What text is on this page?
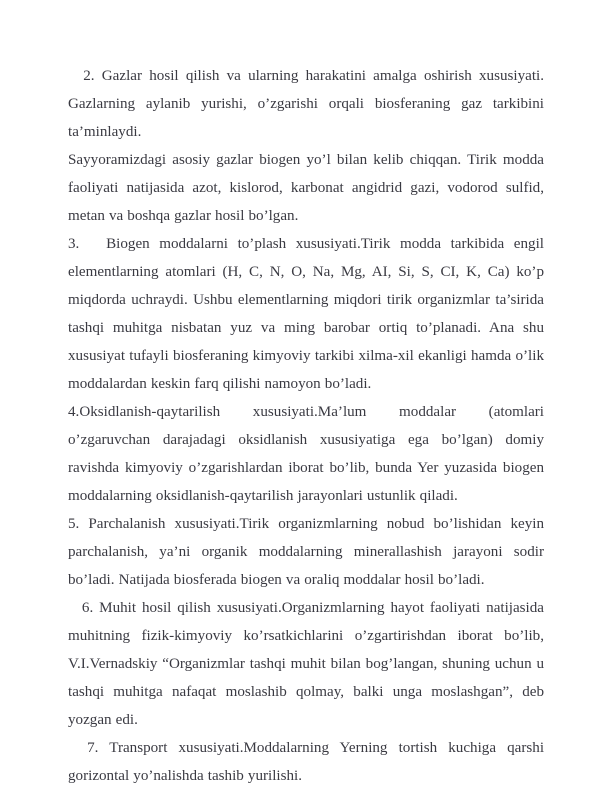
2. Gazlar hosil qilish va ularning harakatini amalga oshirish xususiyati. Gazlarning aylanib yurishi, o’zgarishi orqali biosferaning gaz tarkibini ta’minlaydi.

Sayyoramizdagi asosiy gazlar biogen yo’l bilan kelib chiqqan. Tirik modda faoliyati natijasida azot, kislorod, karbonat angidrid gazi, vodorod sulfid, metan va boshqa gazlar hosil bo’lgan.

3.	Biogen moddalarni to’plash xususiyati.Tirik modda tarkibida engil elementlarning atomlari (H, C, N, O, Na, Mg, AI, Si, S, CI, K, Ca) ko’p miqdorda uchraydi. Ushbu elementlarning miqdori tirik organizmlar ta’sirida tashqi muhitga nisbatan yuz va ming barobar ortiq to’planadi. Ana shu xususiyat tufayli biosferaning kimyoviy tarkibi xilma-xil ekanligi hamda o’lik moddalardan keskin farq qilishi namoyon bo’ladi.

4.Oksidlanish-qaytarilish xususiyati.Ma’lum moddalar (atomlari o’zgaruvchan darajadagi oksidlanish xususiyatiga ega bo’lgan) domiy ravishda kimyoviy o’zgarishlardan iborat bo’lib, bunda Yer yuzasida biogen moddalarning oksidlanish-qaytarilish jarayonlari ustunlik qiladi.

5. Parchalanish xususiyati.Tirik organizmlarning nobud bo’lishidan keyin parchalanish, ya’ni organik moddalarning minerallashish jarayoni sodir bo’ladi. Natijada biosferada biogen va oraliq moddalar hosil bo’ladi.

6. Muhit hosil qilish xususiyati.Organizmlarning hayot faoliyati natijasida muhitning fizik-kimyoviy ko’rsatkichlarini o’zgartirishdan iborat bo’lib, V.I.Vernadskiy “Organizmlar tashqi muhit bilan bog’langan, shuning uchun u tashqi muhitga nafaqat moslashib qolmay, balki unga moslashgan”, deb yozgan edi.

7. Transport xususiyati.Moddalarning Yerning tortish kuchiga qarshi gorizontal yo’nalishda tashib yurilishi.
